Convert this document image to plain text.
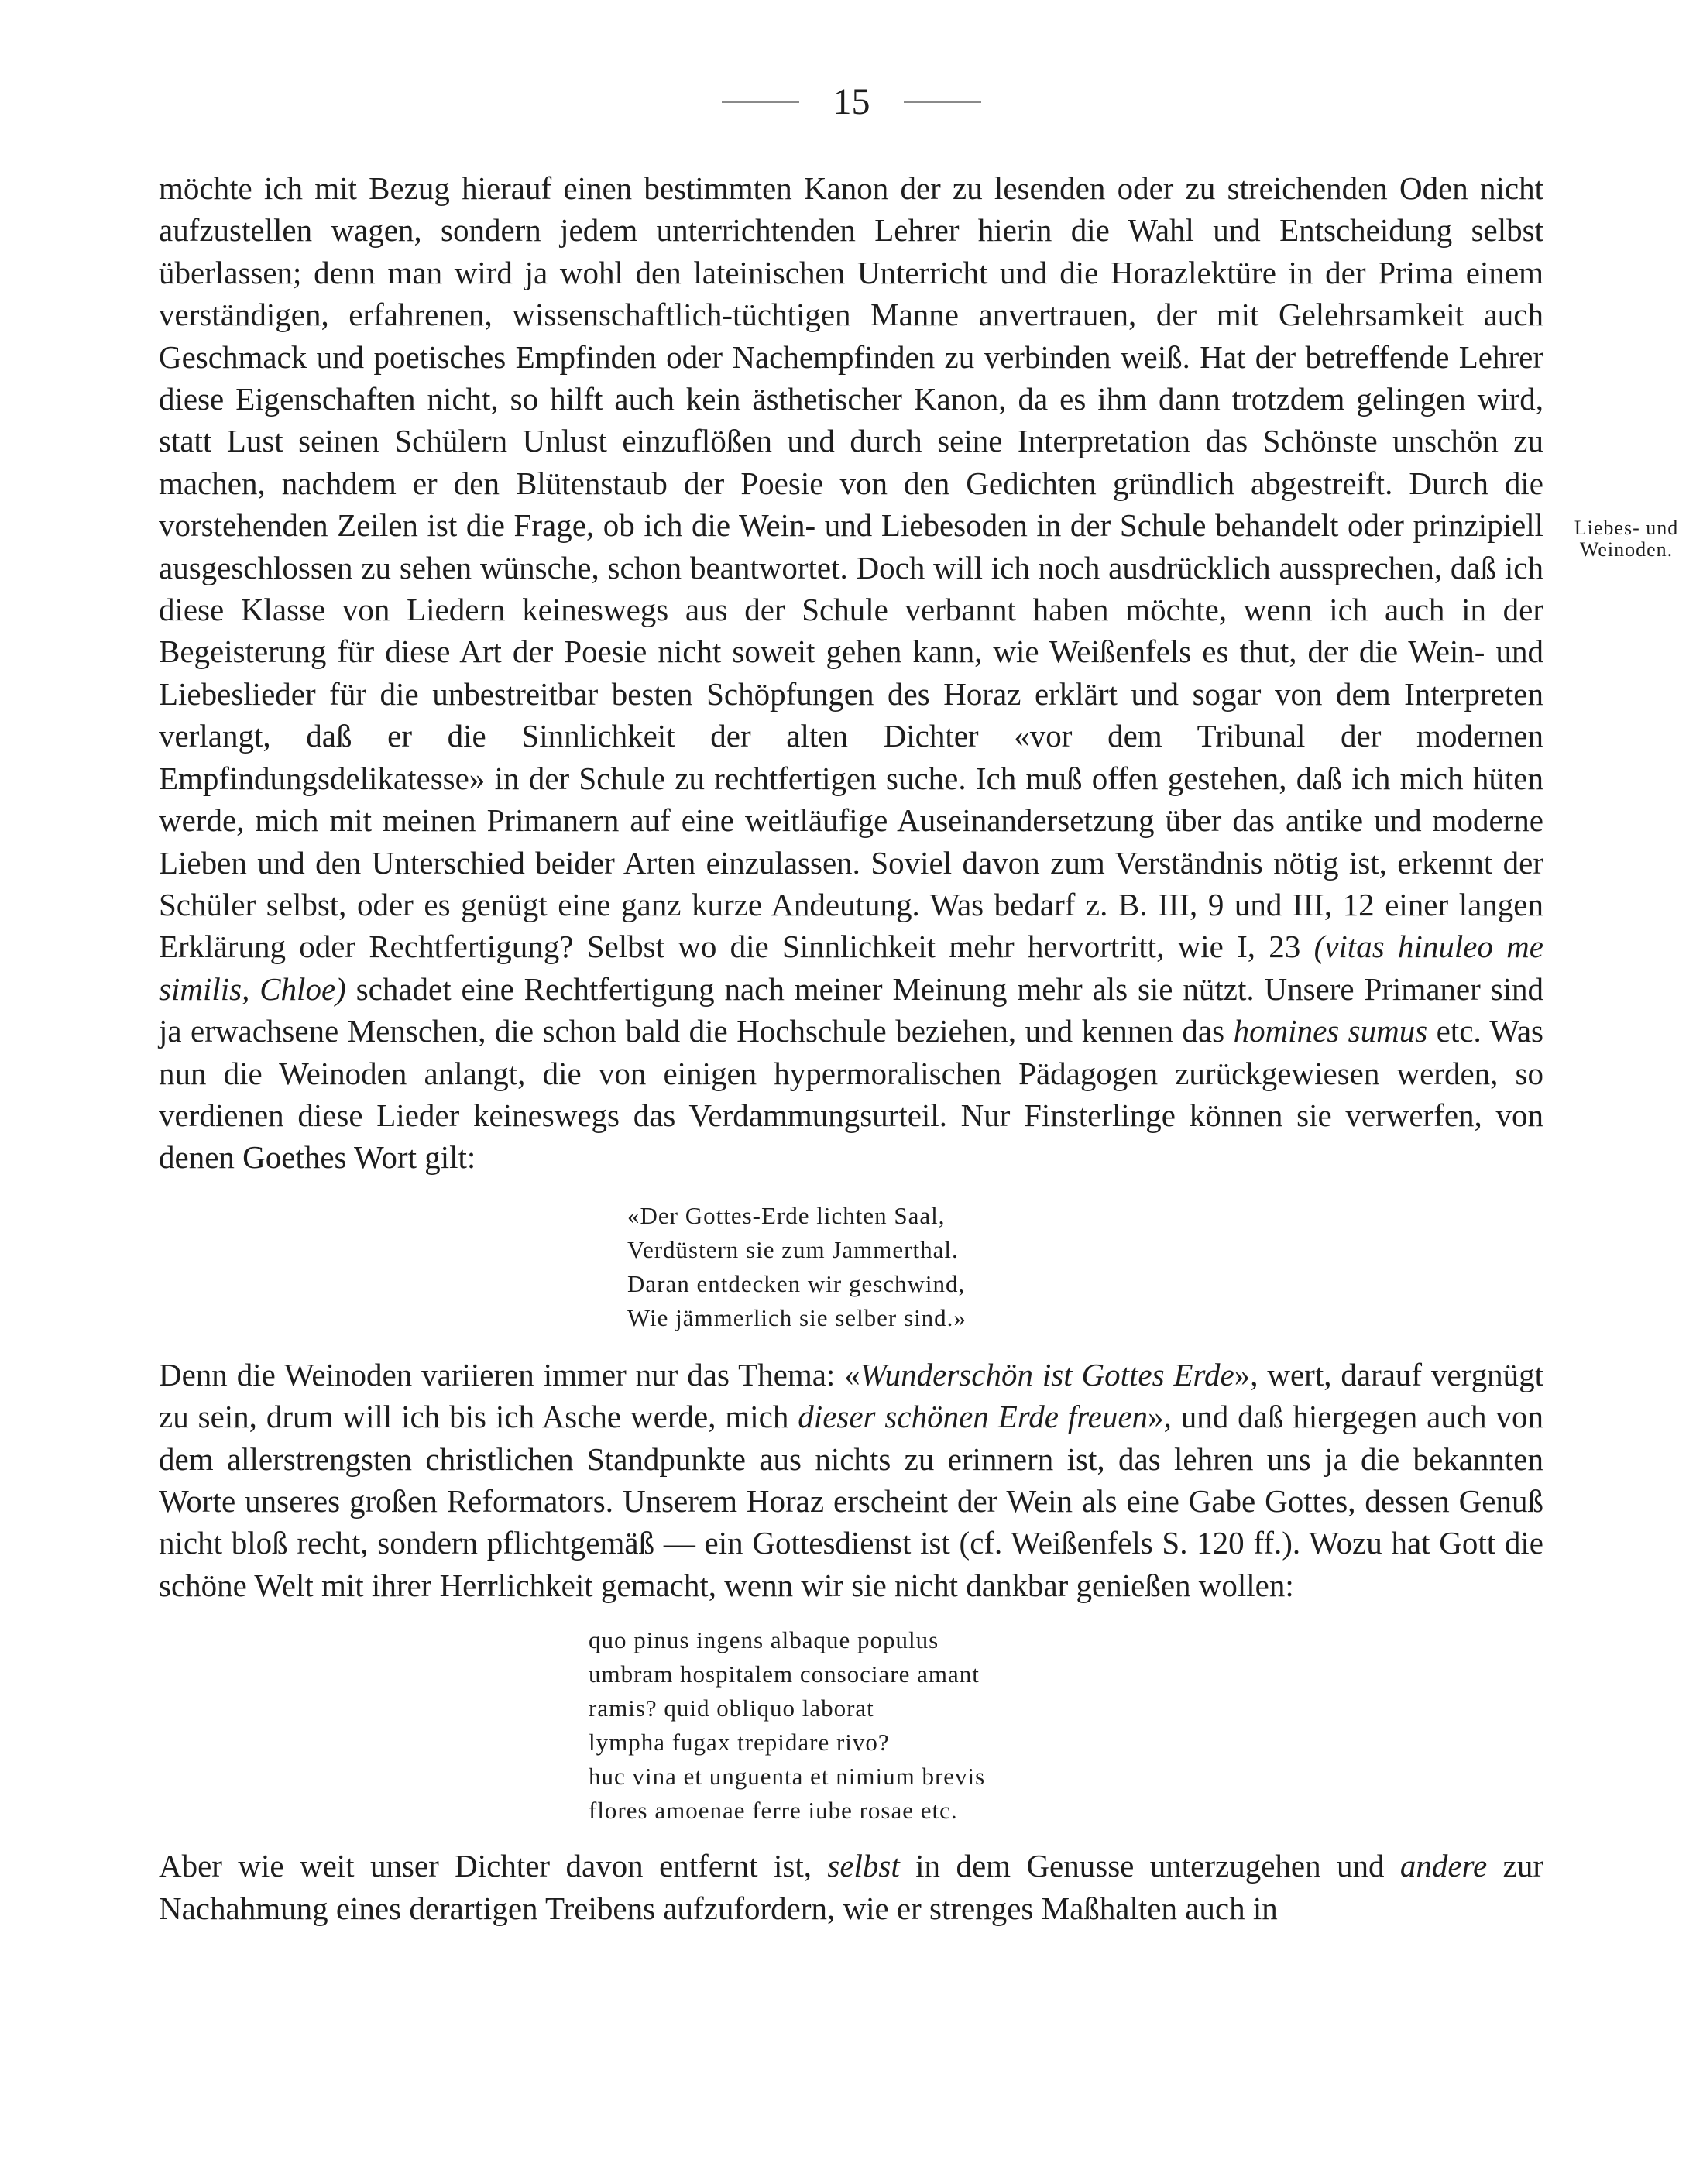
15
Liebes- und
Weinoden.

möchte ich mit Bezug hierauf einen bestimmten Kanon der zu lesenden oder zu streichenden Oden nicht aufzustellen wagen, sondern jedem unterrichtenden Lehrer hierin die Wahl und Entscheidung selbst überlassen; denn man wird ja wohl den lateinischen Unterricht und die Horazlektüre in der Prima einem verständigen, erfahrenen, wissenschaftlich-tüchtigen Manne anvertrauen, der mit Gelehrsamkeit auch Geschmack und poetisches Empfinden oder Nachempfinden zu verbinden weiß. Hat der betreffende Lehrer diese Eigenschaften nicht, so hilft auch kein ästhetischer Kanon, da es ihm dann trotzdem gelingen wird, statt Lust seinen Schülern Unlust einzuflößen und durch seine Interpretation das Schönste unschön zu machen, nachdem er den Blütenstaub der Poesie von den Gedichten gründlich abgestreift. Durch die vorstehenden Zeilen ist die Frage, ob ich die Wein- und Liebesoden in der Schule behandelt oder prinzipiell ausgeschlossen zu sehen wünsche, schon beantwortet. Doch will ich noch ausdrücklich aussprechen, daß ich diese Klasse von Liedern keineswegs aus der Schule verbannt haben möchte, wenn ich auch in der Begeisterung für diese Art der Poesie nicht soweit gehen kann, wie Weißenfels es thut, der die Wein- und Liebeslieder für die unbestreitbar besten Schöpfungen des Horaz erklärt und sogar von dem Interpreten verlangt, daß er die Sinnlichkeit der alten Dichter «vor dem Tribunal der modernen Empfindungsdelikatesse» in der Schule zu rechtfertigen suche. Ich muß offen gestehen, daß ich mich hüten werde, mich mit meinen Primanern auf eine weitläufige Auseinandersetzung über das antike und moderne Lieben und den Unterschied beider Arten einzulassen. Soviel davon zum Verständnis nötig ist, erkennt der Schüler selbst, oder es genügt eine ganz kurze Andeutung. Was bedarf z. B. III, 9 und III, 12 einer langen Erklärung oder Rechtfertigung? Selbst wo die Sinnlichkeit mehr hervortritt, wie I, 23 (vitas hinuleo me similis, Chloe) schadet eine Rechtfertigung nach meiner Meinung mehr als sie nützt. Unsere Primaner sind ja erwachsene Menschen, die schon bald die Hochschule beziehen, und kennen das homines sumus etc. Was nun die Weinoden anlangt, die von einigen hypermoralischen Pädagogen zurückgewiesen werden, so verdienen diese Lieder keineswegs das Verdammungsurteil. Nur Finsterlinge können sie verwerfen, von denen Goethes Wort gilt:

«Der Gottes-Erde lichten Saal,
Verdüstern sie zum Jammerthal.
Daran entdecken wir geschwind,
Wie jämmerlich sie selber sind.»

Denn die Weinoden variieren immer nur das Thema: «Wunderschön ist Gottes Erde», wert, darauf vergnügt zu sein, drum will ich bis ich Asche werde, mich dieser schönen Erde freuen», und daß hiergegen auch von dem allerstrengsten christlichen Standpunkte aus nichts zu erinnern ist, das lehren uns ja die bekannten Worte unseres großen Reformators. Unserem Horaz erscheint der Wein als eine Gabe Gottes, dessen Genuß nicht bloß recht, sondern pflichtgemäß — ein Gottesdienst ist (cf. Weißenfels S. 120 ff.). Wozu hat Gott die schöne Welt mit ihrer Herrlichkeit gemacht, wenn wir sie nicht dankbar genießen wollen:

quo pinus ingens albaque populus
umbram hospitalem consociare amant
ramis? quid obliquo laborat
lympha fugax trepidare rivo?
huc vina et unguenta et nimium brevis
flores amoenae ferre iube rosae etc.

Aber wie weit unser Dichter davon entfernt ist, selbst in dem Genusse unterzugehen und andere zur Nachahmung eines derartigen Treibens aufzufordern, wie er strenges Maßhalten auch in
